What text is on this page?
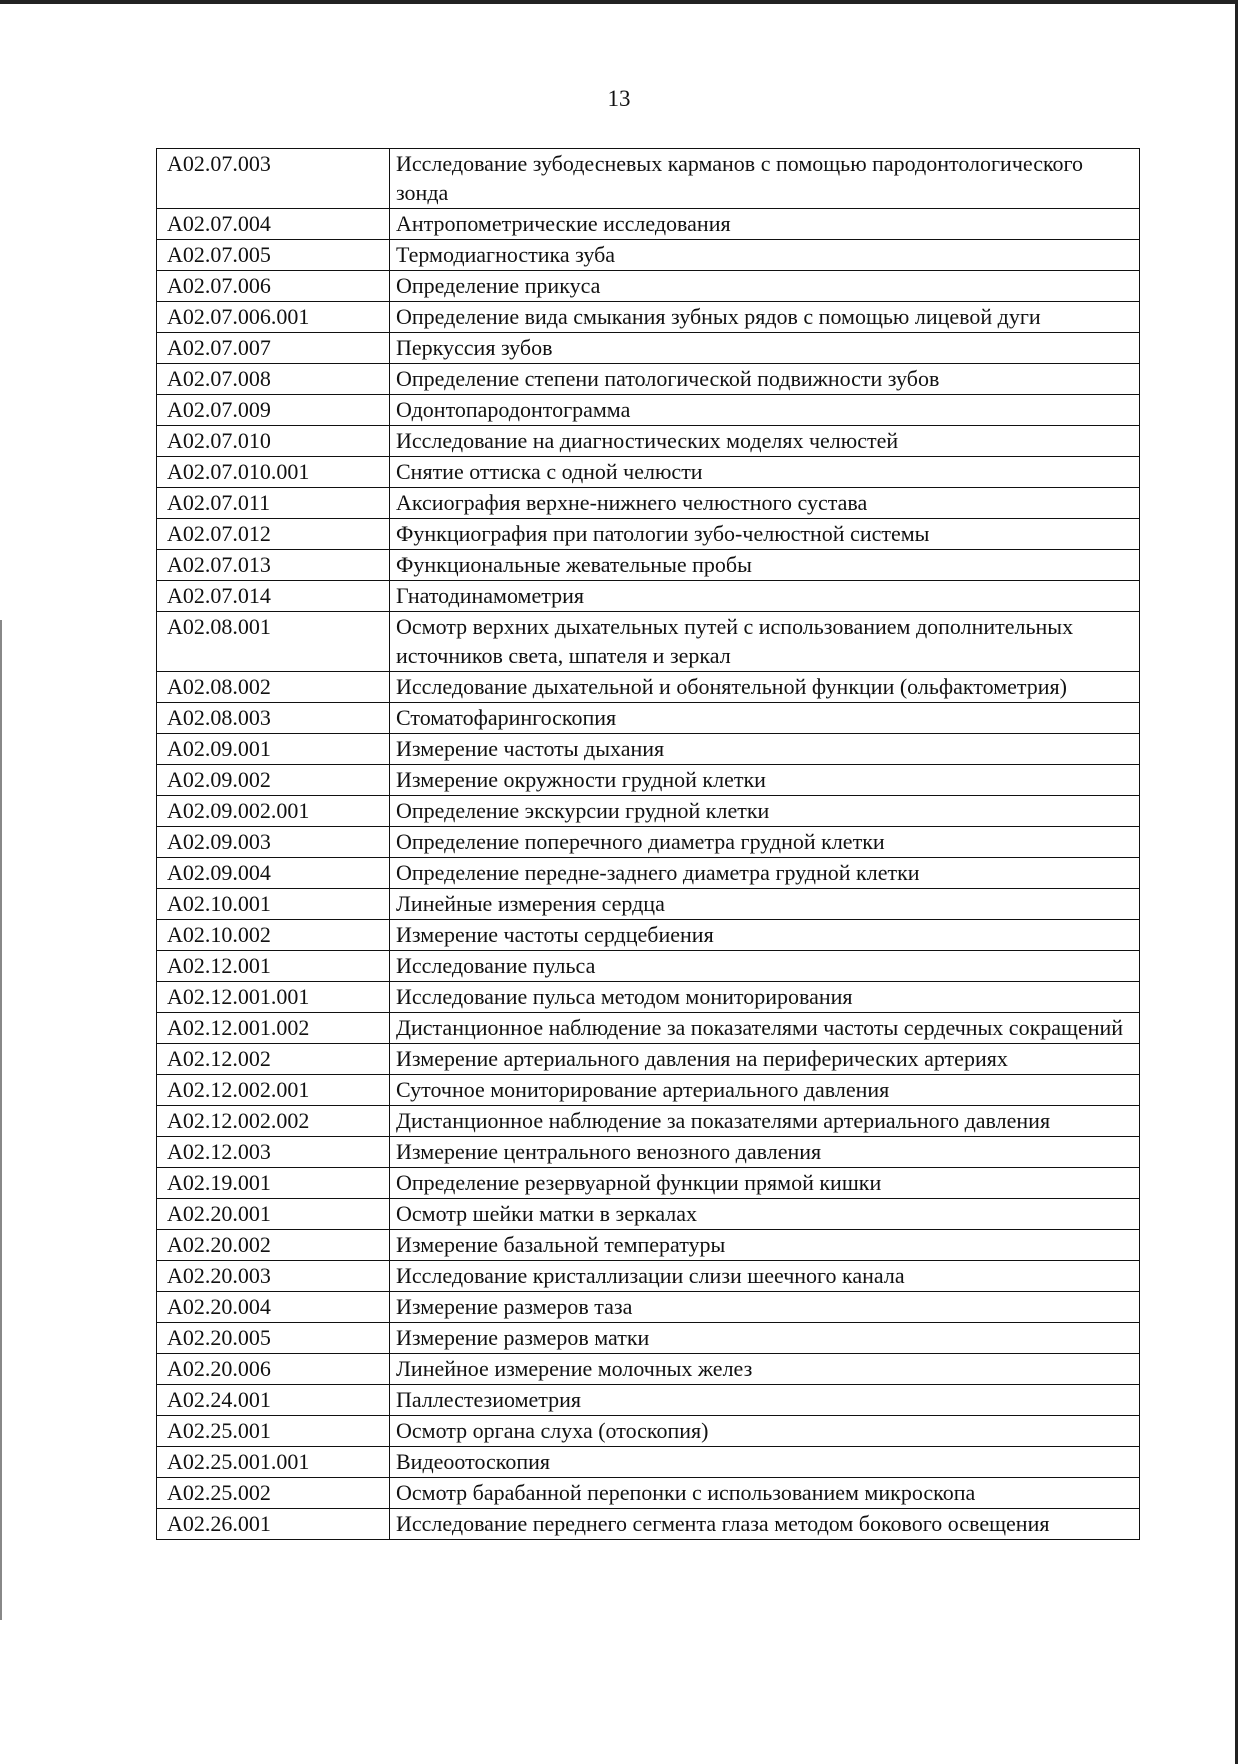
13
A02.07.003	Исследование зубодесневых карманов с помощью пародонтологического зонда
A02.07.004	Антропометрические исследования
A02.07.005	Термодиагностика зуба
A02.07.006	Определение прикуса
A02.07.006.001	Определение вида смыкания зубных рядов с помощью лицевой дуги
A02.07.007	Перкуссия зубов
A02.07.008	Определение степени патологической подвижности зубов
A02.07.009	Одонтопародонтограмма
A02.07.010	Исследование на диагностических моделях челюстей
A02.07.010.001	Снятие оттиска с одной челюсти
A02.07.011	Аксиография верхне-нижнего челюстного сустава
A02.07.012	Функциография при патологии зубо-челюстной системы
A02.07.013	Функциональные жевательные пробы
A02.07.014	Гнатодинамометрия
A02.08.001	Осмотр верхних дыхательных путей с использованием дополнительных источников света, шпателя и зеркал
A02.08.002	Исследование дыхательной и обонятельной функции (ольфактометрия)
A02.08.003	Стоматофарингоскопия
A02.09.001	Измерение частоты дыхания
A02.09.002	Измерение окружности грудной клетки
A02.09.002.001	Определение экскурсии грудной клетки
A02.09.003	Определение поперечного диаметра грудной клетки
A02.09.004	Определение передне-заднего диаметра грудной клетки
A02.10.001	Линейные измерения сердца
A02.10.002	Измерение частоты сердцебиения
A02.12.001	Исследование пульса
A02.12.001.001	Исследование пульса методом мониторирования
A02.12.001.002	Дистанционное наблюдение за показателями частоты сердечных сокращений
A02.12.002	Измерение артериального давления на периферических артериях
A02.12.002.001	Суточное мониторирование артериального давления
A02.12.002.002	Дистанционное наблюдение за показателями артериального давления
A02.12.003	Измерение центрального венозного давления
A02.19.001	Определение резервуарной функции прямой кишки
A02.20.001	Осмотр шейки матки в зеркалах
A02.20.002	Измерение базальной температуры
A02.20.003	Исследование кристаллизации слизи шеечного канала
A02.20.004	Измерение размеров таза
A02.20.005	Измерение размеров матки
A02.20.006	Линейное измерение молочных желез
A02.24.001	Паллестезиометрия
A02.25.001	Осмотр органа слуха (отоскопия)
A02.25.001.001	Видеоотоскопия
A02.25.002	Осмотр барабанной перепонки с использованием микроскопа
A02.26.001	Исследование переднего сегмента глаза методом бокового освещения
